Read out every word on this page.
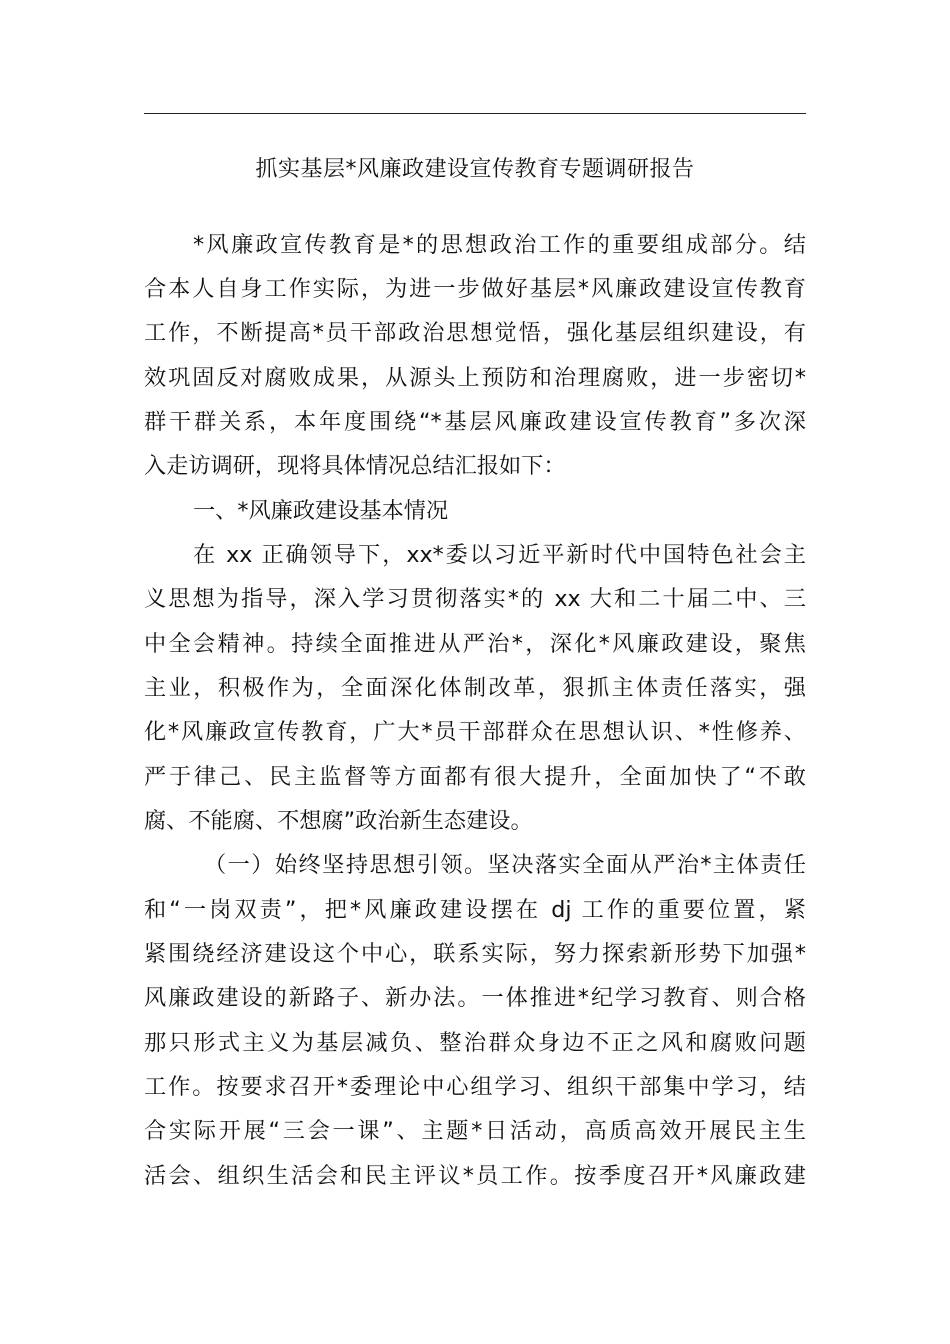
抓实基层*风廉政建设宣传教育专题调研报告
*风廉政宣传教育是*的思想政治工作的重要组成部分。结
合本人自身工作实际，为进一步做好基层*风廉政建设宣传教育
工作，不断提高*员干部政治思想觉悟，强化基层组织建设，有
效巩固反对腐败成果，从源头上预防和治理腐败，进一步密切*
群干群关系，本年度围绕“*基层风廉政建设宣传教育”多次深
入走访调研，现将具体情况总结汇报如下：
一、*风廉政建设基本情况
在 xx 正确领导下，xx*委以习近平新时代中国特色社会主
义思想为指导，深入学习贯彻落实*的 xx 大和二十届二中、三
中全会精神。持续全面推进从严治*，深化*风廉政建设，聚焦
主业，积极作为，全面深化体制改革，狠抓主体责任落实，强
化*风廉政宣传教育，广大*员干部群众在思想认识、*性修养、
严于律己、民主监督等方面都有很大提升，全面加快了“不敢
腐、不能腐、不想腐”政治新生态建设。
（一）始终坚持思想引领。坚决落实全面从严治*主体责任
和“一岗双责”，把*风廉政建设摆在 dj 工作的重要位置，紧
紧围绕经济建设这个中心，联系实际，努力探索新形势下加强*
风廉政建设的新路子、新办法。一体推进*纪学习教育、则合格
那只形式主义为基层减负、整治群众身边不正之风和腐败问题
工作。按要求召开*委理论中心组学习、组织干部集中学习，结
合实际开展“三会一课”、主题*日活动，高质高效开展民主生
活会、组织生活会和民主评议*员工作。按季度召开*风廉政建
